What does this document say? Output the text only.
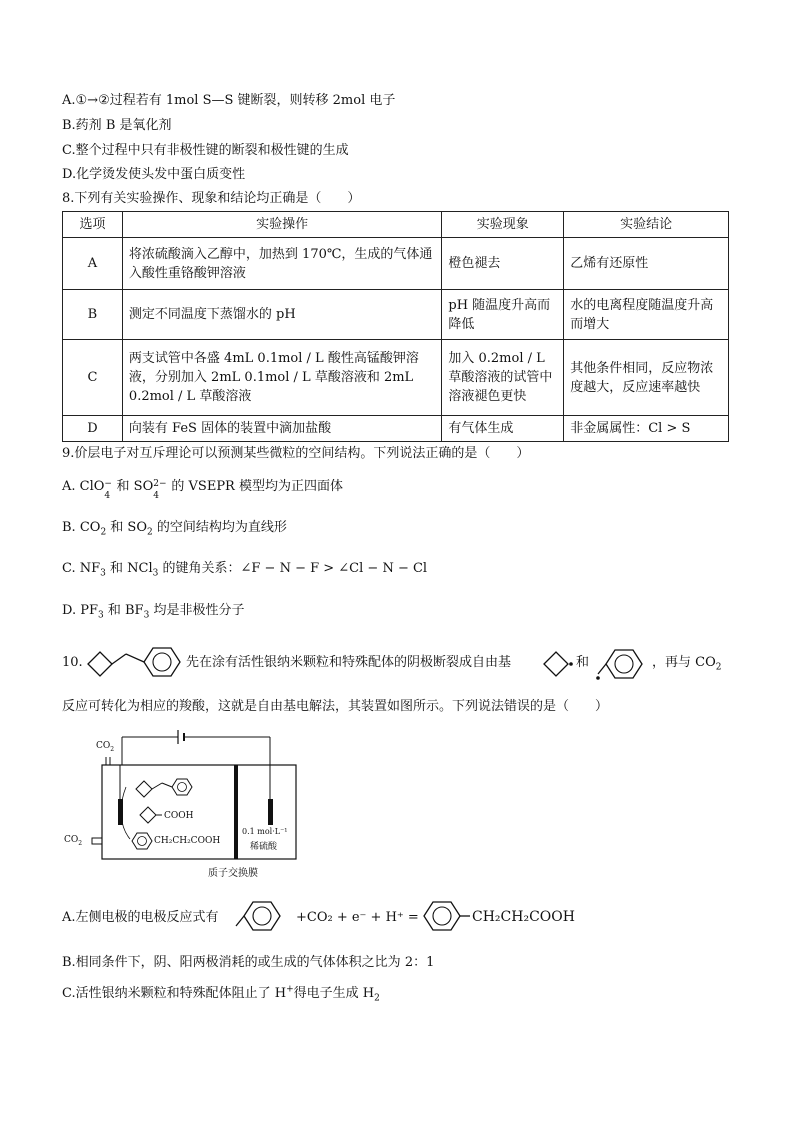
A.①→②过程若有 1mol S—S 键断裂，则转移 2mol 电子
B.药剂 B 是氧化剂
C.整个过程中只有非极性键的断裂和极性键的生成
D.化学烫发使头发中蛋白质变性
8.下列有关实验操作、现象和结论均正确是（　　）
选项	实验操作	实验现象	实验结论
A	将浓硫酸滴入乙醇中，加热到 170℃，生成的气体通入酸性重铬酸钾溶液	橙色褪去	乙烯有还原性
B	测定不同温度下蒸馏水的 pH	pH 随温度升高而降低	水的电离程度随温度升高而增大
C	两支试管中各盛 4mL 0.1mol / L 酸性高锰酸钾溶液，分别加入 2mL 0.1mol / L 草酸溶液和 2mL 0.2mol / L 草酸溶液	加入 0.2mol / L 草酸溶液的试管中溶液褪色更快	其他条件相同，反应物浓度越大，反应速率越快
D	向装有 FeS 固体的装置中滴加盐酸	有气体生成	非金属属性：Cl > S
9.价层电子对互斥理论可以预测某些微粒的空间结构。下列说法正确的是（　　）
A. ClO −
4
和 SO 2−
4
的 VSEPR 模型均为正四面体
B. $CO_2$ 和 $SO_2$ 的空间结构均为直线形
C. $NF_3$ 和 NCl$_3$ 的键角关系：∠F − N − F > ∠Cl − N − Cl
D. $PF_3$ 和 $BF_3$ 均是非极性分子
10.	先在涂有活性银纳米颗粒和特殊配体的阴极断裂成自由基	和	，再与 $CO_2$
反应可转化为相应的羧酸，这就是自由基电解法，其装置如图所示。下列说法错误的是（　　）
$CO_2$
$CO_2$
COOH
CH₂CH₂COOH
0.1 mol·L⁻¹
稀硫酸
质子交换膜
A.左侧电极的电极反应式有	+CO₂ + e⁻ + H⁺ =	CH₂CH₂COOH
B.相同条件下，阴、阳两极消耗的或生成的气体体积之比为 2：1
C.活性银纳米颗粒和特殊配体阻止了 H+得电子生成 $H_2$
